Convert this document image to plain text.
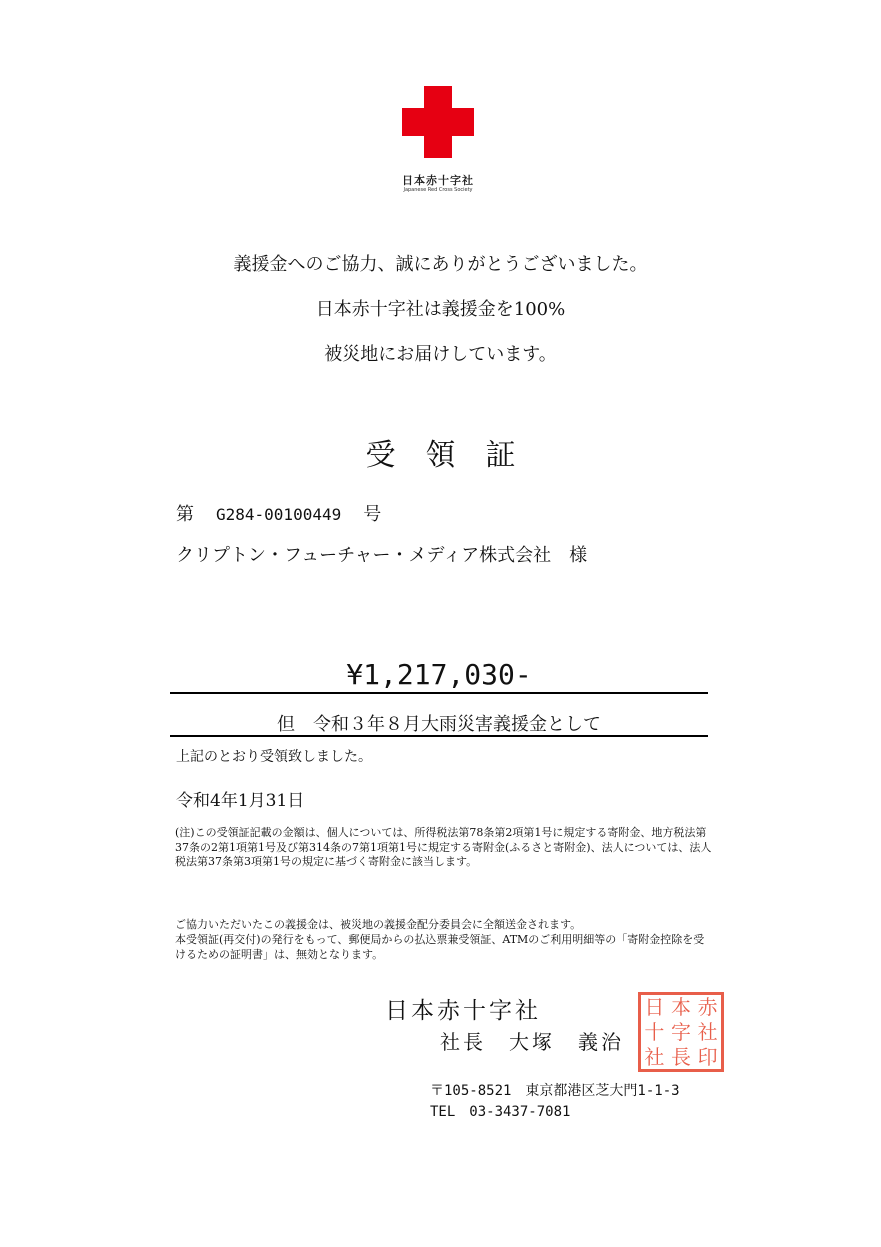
日本赤十字社
Japanese Red Cross Society
義援金へのご協力、誠にありがとうございました。
日本赤十字社は義援金を100%
被災地にお届けしています。
受領証
第 G284-00100449 号
クリプトン・フューチャー・メディア株式会社　様
¥1,217,030-
但　令和３年８月大雨災害義援金として
上記のとおり受領致しました。
令和4年1月31日
(注)この受領証記載の金額は、個人については、所得税法第78条第2項第1号に規定する寄附金、地方税法第37条の2第1項第1号及び第314条の7第1項第1号に規定する寄附金(ふるさと寄附金)、法人については、法人税法第37条第3項第1号の規定に基づく寄附金に該当します。
ご協力いただいたこの義援金は、被災地の義援金配分委員会に全額送金されます。
本受領証(再交付)の発行をもって、郵便局からの払込票兼受領証、ATMのご利用明細等の「寄附金控除を受けるための証明書」は、無効となります。
日本赤十字社
社長　大塚　義治
日 本 赤
十 字 社
社 長 印
〒105-8521　東京都港区芝大門1-1-3
TEL　03-3437-7081
